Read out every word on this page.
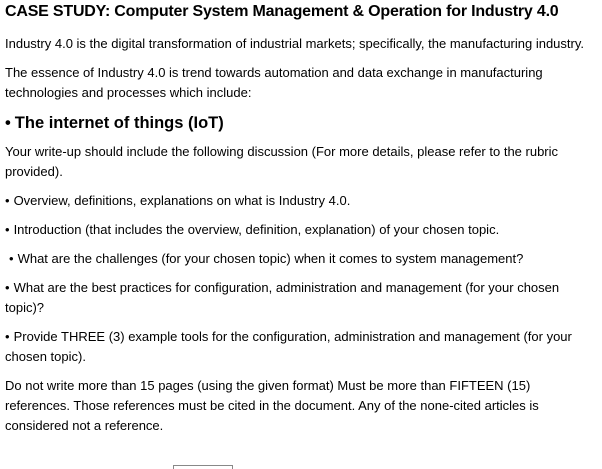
CASE STUDY: Computer System Management & Operation for Industry 4.0

Industry 4.0 is the digital transformation of industrial markets; specifically, the manufacturing industry.

The essence of Industry 4.0 is trend towards automation and data exchange in manufacturing technologies and processes which include:

• The internet of things (IoT)

Your write-up should include the following discussion (For more details, please refer to the rubric provided).

• Overview, definitions, explanations on what is Industry 4.0.

• Introduction (that includes the overview, definition, explanation) of your chosen topic.

• What are the challenges (for your chosen topic) when it comes to system management?

• What are the best practices for configuration, administration and management (for your chosen topic)?

• Provide THREE (3) example tools for the configuration, administration and management (for your chosen topic).

Do not write more than 15 pages (using the given format) Must be more than FIFTEEN (15) references. Those references must be cited in the document. Any of the none-cited articles is considered not a reference.
